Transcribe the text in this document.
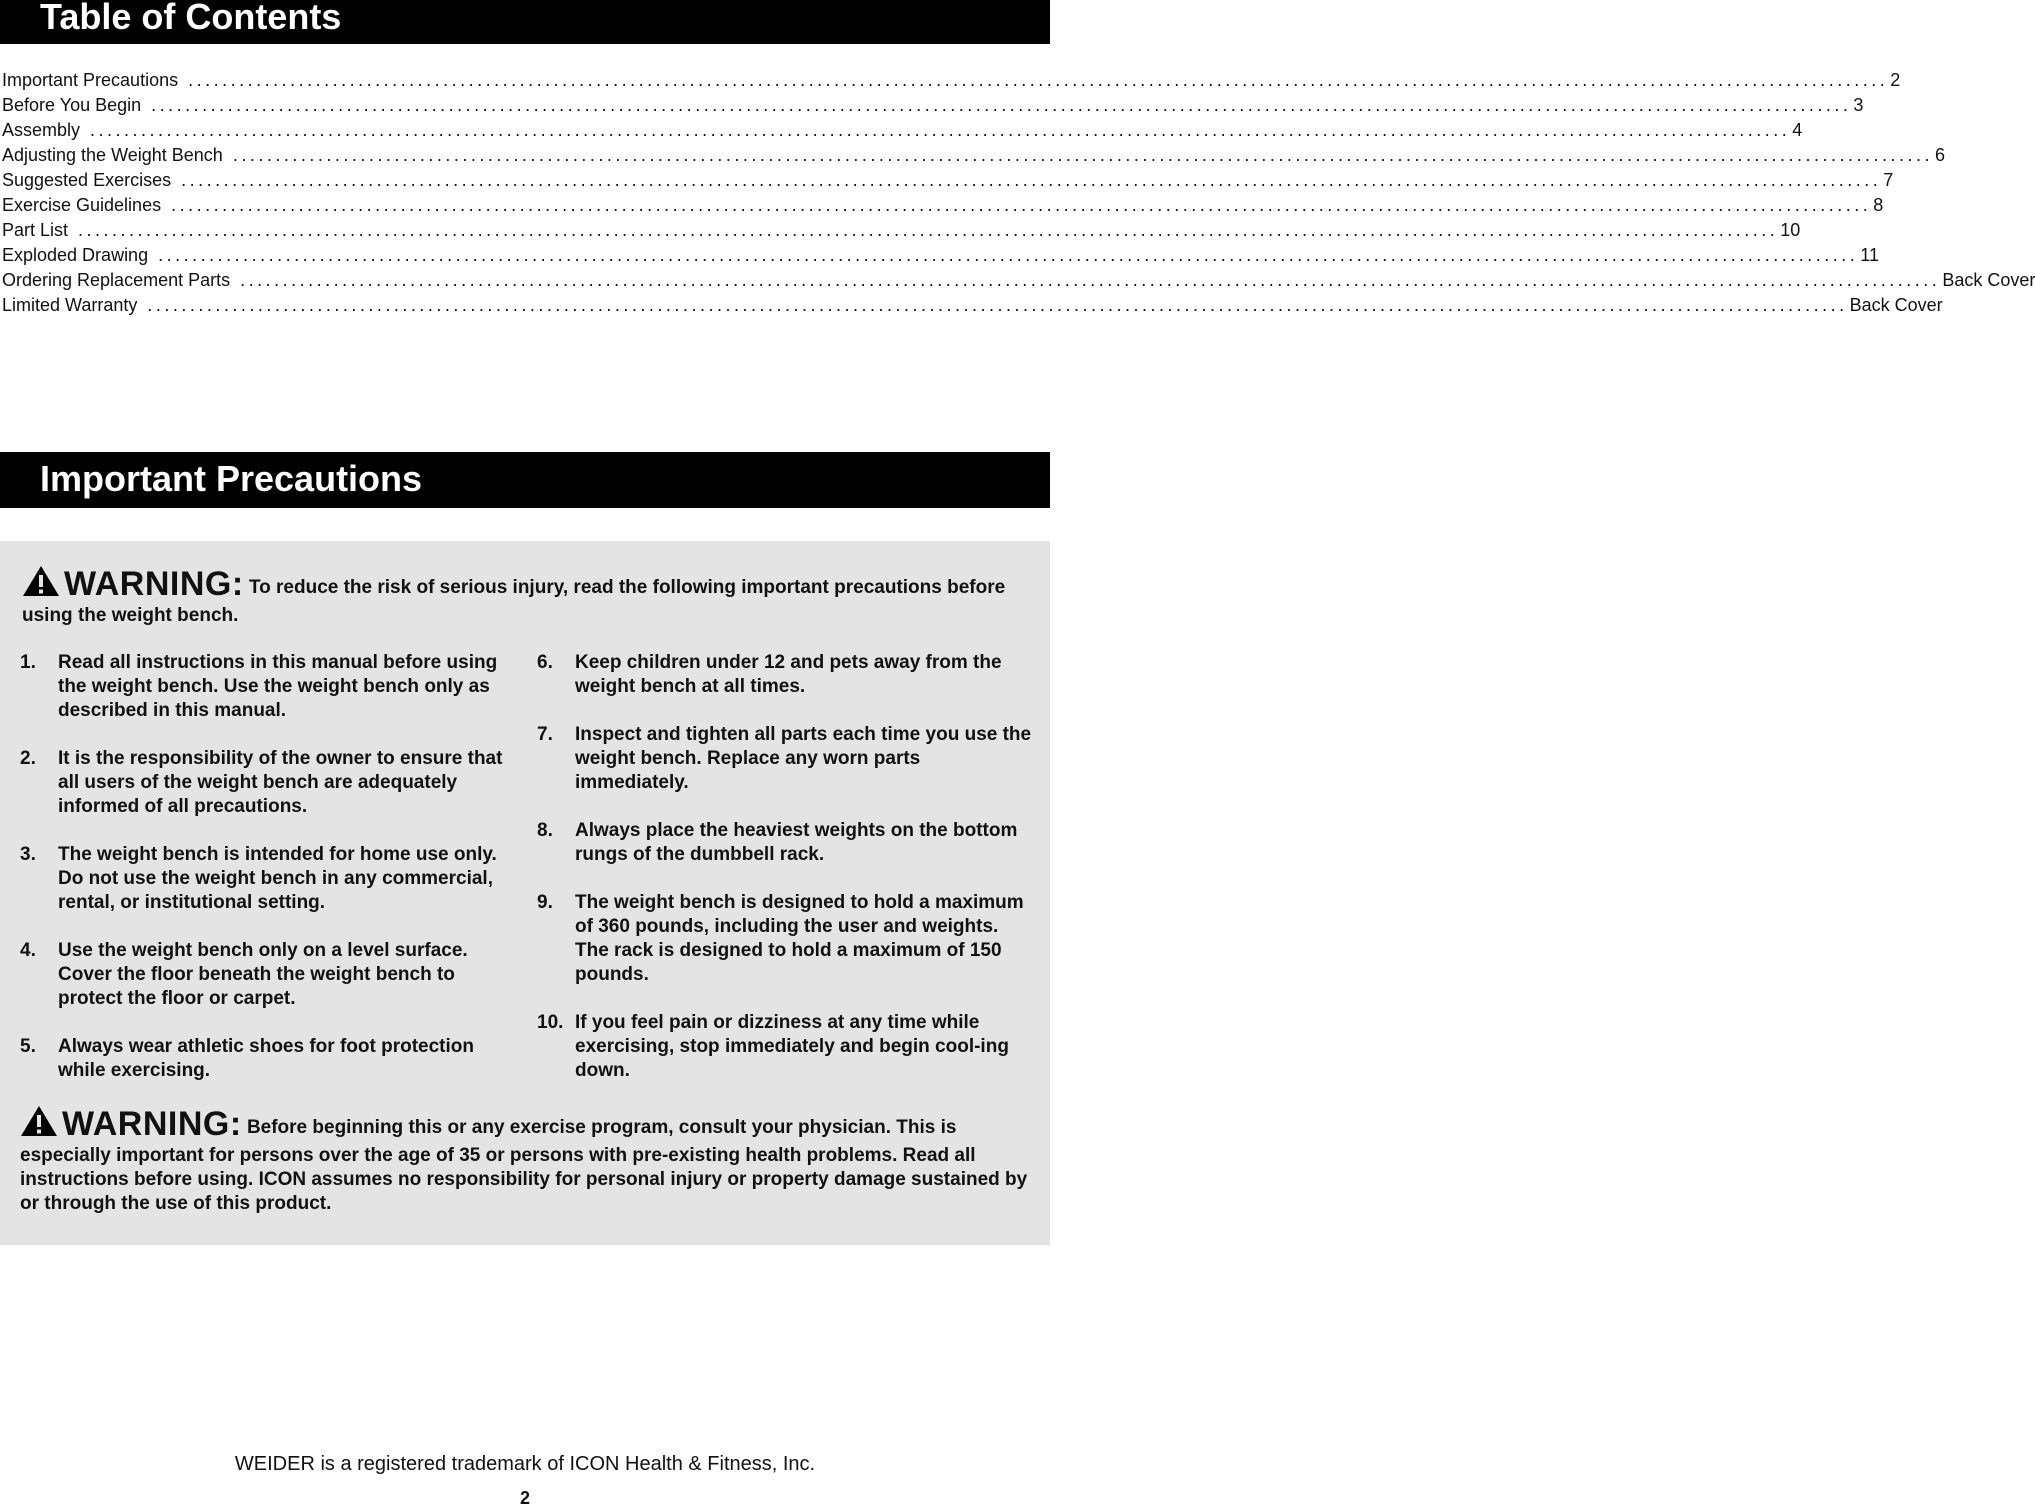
Table of Contents
Important Precautions ........................................................................................................................................................................................................ 2
Before You Begin ........................................................................................................................................................................................................ 3
Assembly ........................................................................................................................................................................................................ 4
Adjusting the Weight Bench ........................................................................................................................................................................................................ 6
Suggested Exercises ........................................................................................................................................................................................................ 7
Exercise Guidelines ........................................................................................................................................................................................................ 8
Part List ........................................................................................................................................................................................................ 10
Exploded Drawing ........................................................................................................................................................................................................ 11
Ordering Replacement Parts ........................................................................................................................................................................................................ Back Cover
Limited Warranty ........................................................................................................................................................................................................ Back Cover
Important Precautions
WARNING: To reduce the risk of serious injury, read the following important precautions before using the weight bench.
1.	Read all instructions in this manual before using the weight bench. Use the weight bench only as described in this manual.
2.	It is the responsibility of the owner to ensure that all users of the weight bench are adequately informed of all precautions.
3.	The weight bench is intended for home use only. Do not use the weight bench in any commercial, rental, or institutional setting.
4.	Use the weight bench only on a level surface. Cover the floor beneath the weight bench to protect the floor or carpet.
5.	Always wear athletic shoes for foot protection while exercising.
6.	Keep children under 12 and pets away from the weight bench at all times.
7.	Inspect and tighten all parts each time you use the weight bench. Replace any worn parts immediately.
8.	Always place the heaviest weights on the bottom rungs of the dumbbell rack.
9.	The weight bench is designed to hold a maximum of 360 pounds, including the user and weights. The rack is designed to hold a maximum of 150 pounds.
10. If you feel pain or dizziness at any time while exercising, stop immediately and begin cool-ing down.
WARNING: Before beginning this or any exercise program, consult your physician. This is especially important for persons over the age of 35 or persons with pre-existing health problems. Read all instructions before using. ICON assumes no responsibility for personal injury or property damage sustained by or through the use of this product.
WEIDER is a registered trademark of ICON Health & Fitness, Inc.
2
